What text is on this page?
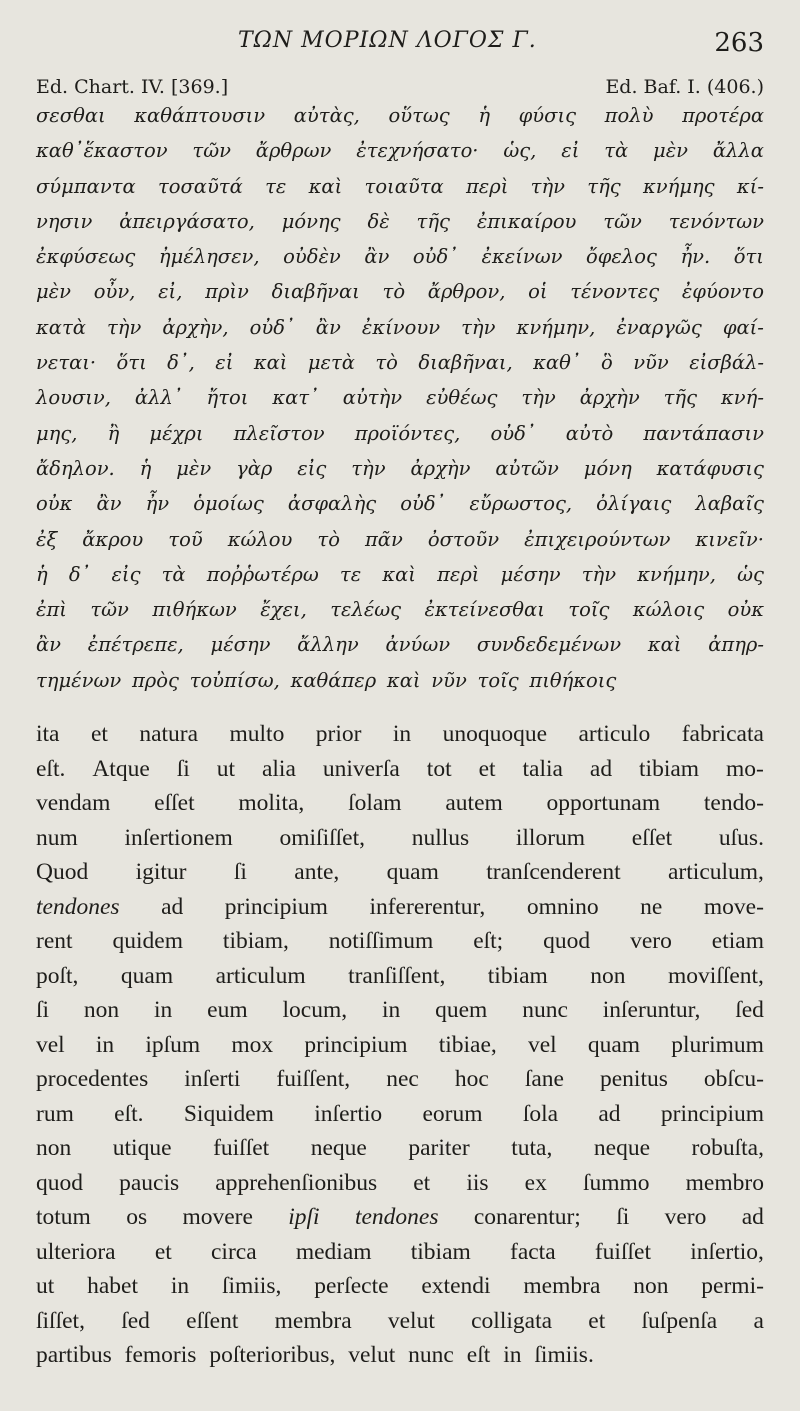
ΤΩΝ ΜΟΡΙΩΝ ΛΟΓΟΣ Γ.	263
Ed. Chart. IV. [369.]	Ed. Baf. I. (406.)
σεσθαι καθάπτουσιν αὐτὰς, οὕτως ἡ φύσις πολὺ προτέρα
καθ᾽ἕκαστον τῶν ἄρθρων ἐτεχνήσατο· ὡς, εἰ τὰ μὲν ἄλλα
σύμπαντα τοσαῦτά τε καὶ τοιαῦτα περὶ τὴν τῆς κνήμης κί-
νησιν ἀπειργάσατο, μόνης δὲ τῆς ἐπικαίρου τῶν τενόντων
ἐκφύσεως ἠμέλησεν, οὐδὲν ἂν οὐδ᾽ ἐκείνων ὄφελος ἦν. ὅτι
μὲν οὖν, εἰ, πρὶν διαβῆναι τὸ ἄρθρον, οἱ τένοντες ἐφύοντο
κατὰ τὴν ἀρχὴν, οὐδ᾽ ἂν ἐκίνουν τὴν κνήμην, ἐναργῶς φαί-
νεται· ὅτι δ᾽, εἰ καὶ μετὰ τὸ διαβῆναι, καθ᾽ ὃ νῦν εἰσβάλ-
λουσιν, ἀλλ᾽ ἤτοι κατ᾽ αὐτὴν εὐθέως τὴν ἀρχὴν τῆς κνή-
μης, ἢ μέχρι πλεῖστον προϊόντες, οὐδ᾽ αὐτὸ παντάπασιν
ἄδηλον. ἡ μὲν γὰρ εἰς τὴν ἀρχὴν αὐτῶν μόνη κατάφυσις
οὐκ ἂν ἦν ὁμοίως ἀσφαλὴς οὐδ᾽ εὔρωστος, ὀλίγαις λαβαῖς
ἐξ ἄκρου τοῦ κώλου τὸ πᾶν ὀστοῦν ἐπιχειρούντων κινεῖν·
ἡ δ᾽ εἰς τὰ ποῤῥωτέρω τε καὶ περὶ μέσην τὴν κνήμην, ὡς
ἐπὶ τῶν πιθήκων ἔχει, τελέως ἐκτείνεσθαι τοῖς κώλοις οὐκ
ἂν ἐπέτρεπε, μέσην ἄλλην ἀνύων συνδεδεμένων καὶ ἀπηρ-
τημένων πρὸς τοὐπίσω, καθάπερ καὶ νῦν τοῖς πιθήκοις
ita et natura multo prior in unoquoque articulo fabricata
eſt. Atque ſi ut alia univerſa tot et talia ad tibiam mo-
vendam eſſet molita, ſolam autem opportunam tendo-
num inſertionem omiſiſſet, nullus illorum eſſet uſus.
Quod igitur ſi ante, quam tranſcenderent articulum,
tendones ad principium infererentur, omnino ne move-
rent quidem tibiam, notiſſimum eſt; quod vero etiam
poſt, quam articulum tranſiſſent, tibiam non moviſſent,
ſi non in eum locum, in quem nunc inſeruntur, ſed
vel in ipſum mox principium tibiae, vel quam plurimum
procedentes inſerti fuiſſent, nec hoc ſane penitus obſcu-
rum eſt. Siquidem inſertio eorum ſola ad principium
non utique fuiſſet neque pariter tuta, neque robuſta,
quod paucis apprehenſionibus et iis ex ſummo membro
totum os movere ipſi tendones conarentur; ſi vero ad
ulteriora et circa mediam tibiam facta fuiſſet inſertio,
ut habet in ſimiis, perſecte extendi membra non permi-
ſiſſet, ſed eſſent membra velut colligata et ſuſpenſa a
partibus femoris poſterioribus, velut nunc eſt in ſimiis.
